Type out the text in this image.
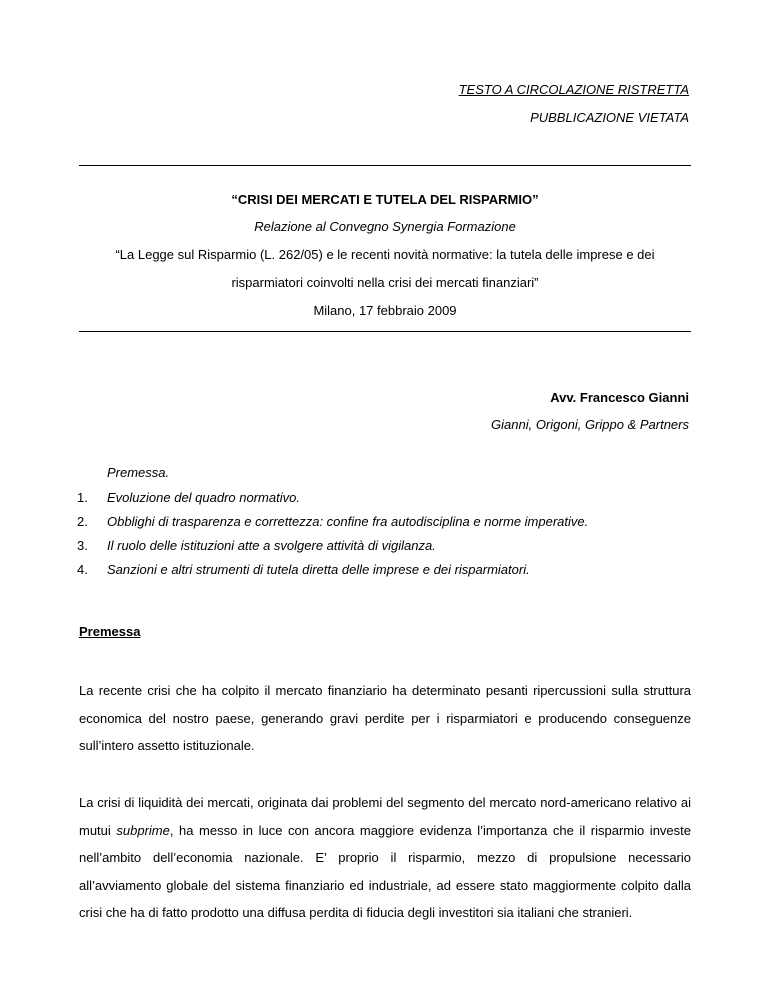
TESTO A CIRCOLAZIONE RISTRETTA
PUBBLICAZIONE VIETATA
“CRISI DEI MERCATI E TUTELA DEL RISPARMIO”
Relazione al Convegno Synergia Formazione
“La Legge sul Risparmio (L. 262/05) e le recenti novità normative: la tutela delle imprese e dei
risparmiatori coinvolti nella crisi dei mercati finanziari”
Milano, 17 febbraio 2009
Avv. Francesco Gianni
Gianni, Origoni, Grippo & Partners
Premessa.
1. Evoluzione del quadro normativo.
2. Obblighi di trasparenza e correttezza: confine fra autodisciplina e norme imperative.
3. Il ruolo delle istituzioni atte a svolgere attività di vigilanza.
4. Sanzioni e altri strumenti di tutela diretta delle imprese e dei risparmiatori.
Premessa

La recente crisi che ha colpito il mercato finanziario ha determinato pesanti ripercussioni sulla struttura economica del nostro paese, generando gravi perdite per i risparmiatori e producendo conseguenze sull’intero assetto istituzionale.

La crisi di liquidità dei mercati, originata dai problemi del segmento del mercato nord-americano relativo ai mutui subprime, ha messo in luce con ancora maggiore evidenza l’importanza che il risparmio investe nell’ambito dell’economia nazionale. E’ proprio il risparmio, mezzo di propulsione necessario all’avviamento globale del sistema finanziario ed industriale, ad essere stato maggiormente colpito dalla crisi che ha di fatto prodotto una diffusa perdita di fiducia degli investitori sia italiani che stranieri.
